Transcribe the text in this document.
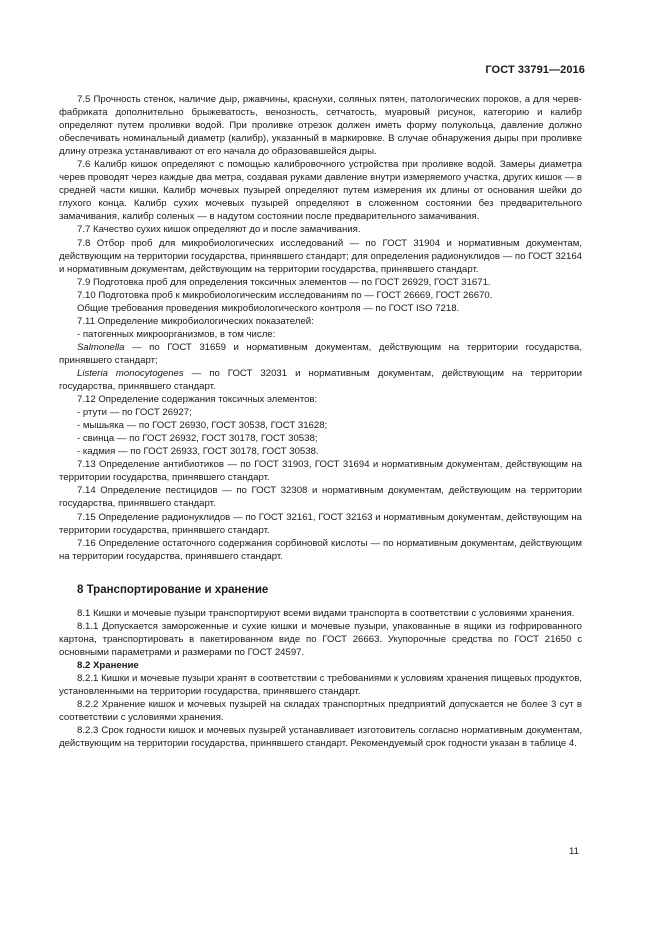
ГОСТ 33791—2016

7.5 Прочность стенок, наличие дыр, ржавчины, краснухи, соляных пятен, патологических пороков, а для черев-фабриката дополнительно брыжеватость, венозность, сетчатость, муаровый рисунок, категорию и калибр определяют путем проливки водой. При проливке отрезок должен иметь форму полукольца, давление должно обеспечивать номинальный диаметр (калибр), указанный в маркировке. В случае обнаружения дыры при проливке длину отрезка устанавливают от его начала до образовавшейся дыры.

7.6 Калибр кишок определяют с помощью калибровочного устройства при проливке водой. Замеры диаметра черев проводят через каждые два метра, создавая руками давление внутри измеряемого участка, других кишок — в средней части кишки. Калибр мочевых пузырей определяют путем измерения их длины от основания шейки до глухого конца. Калибр сухих мочевых пузырей определяют в сложенном состоянии без предварительного замачивания, калибр соленых — в надутом состоянии после предварительного замачивания.

7.7 Качество сухих кишок определяют до и после замачивания.

7.8 Отбор проб для микробиологических исследований — по ГОСТ 31904 и нормативным документам, действующим на территории государства, принявшего стандарт; для определения радионуклидов — по ГОСТ 32164 и нормативным документам, действующим на территории государства, принявшего стандарт.

7.9 Подготовка проб для определения токсичных элементов — по ГОСТ 26929, ГОСТ 31671.

7.10 Подготовка проб к микробиологическим исследованиям по — ГОСТ 26669, ГОСТ 26670.

Общие требования проведения микробиологического контроля — по ГОСТ ISO 7218.

7.11 Определение микробиологических показателей:

- патогенных микроорганизмов, в том числе:

Salmonella — по ГОСТ 31659 и нормативным документам, действующим на территории государства, принявшего стандарт;

Listeria monocytogenes — по ГОСТ 32031 и нормативным документам, действующим на территории государства, принявшего стандарт.

7.12 Определение содержания токсичных элементов:

- ртути — по ГОСТ 26927;

- мышьяка — по ГОСТ 26930, ГОСТ 30538, ГОСТ 31628;

- свинца — по ГОСТ 26932, ГОСТ 30178, ГОСТ 30538;

- кадмия — по ГОСТ 26933, ГОСТ 30178, ГОСТ 30538.

7.13 Определение антибиотиков — по ГОСТ 31903, ГОСТ 31694 и нормативным документам, действующим на территории государства, принявшего стандарт.

7.14 Определение пестицидов — по ГОСТ 32308 и нормативным документам, действующим на территории государства, принявшего стандарт.

7.15 Определение радионуклидов — по ГОСТ 32161, ГОСТ 32163 и нормативным документам, действующим на территории государства, принявшего стандарт.

7.16 Определение остаточного содержания сорбиновой кислоты — по нормативным документам, действующим на территории государства, принявшего стандарт.

8 Транспортирование и хранение

8.1 Кишки и мочевые пузыри транспортируют всеми видами транспорта в соответствии с условиями хранения.

8.1.1 Допускается замороженные и сухие кишки и мочевые пузыри, упакованные в ящики из гофрированного картона, транспортировать в пакетированном виде по ГОСТ 26663. Укупорочные средства по ГОСТ 21650 с основными параметрами и размерами по ГОСТ 24597.

8.2 Хранение

8.2.1 Кишки и мочевые пузыри хранят в соответствии с требованиями к условиям хранения пищевых продуктов, установленными на территории государства, принявшего стандарт.

8.2.2 Хранение кишок и мочевых пузырей на складах транспортных предприятий допускается не более 3 сут в соответствии с условиями хранения.

8.2.3 Срок годности кишок и мочевых пузырей устанавливает изготовитель согласно нормативным документам, действующим на территории государства, принявшего стандарт. Рекомендуемый срок годности указан в таблице 4.

11
